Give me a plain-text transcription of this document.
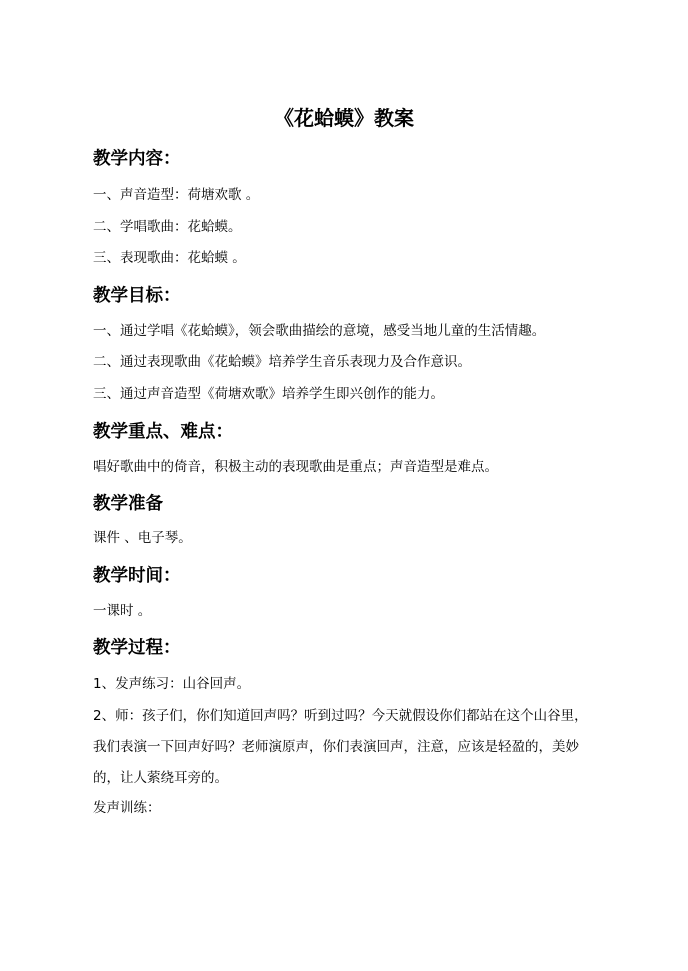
《花蛤蟆》教案
教学内容：
一、声音造型：荷塘欢歌 。
二、学唱歌曲：花蛤蟆。
三、表现歌曲：花蛤蟆 。
教学目标：
一、通过学唱《花蛤蟆》，领会歌曲描绘的意境，感受当地儿童的生活情趣。
二、通过表现歌曲《花蛤蟆》培养学生音乐表现力及合作意识。
三、通过声音造型《荷塘欢歌》培养学生即兴创作的能力。
教学重点、难点：
唱好歌曲中的倚音，积极主动的表现歌曲是重点；声音造型是难点。
教学准备
课件 、电子琴。
教学时间：
一课时 。
教学过程：
1、发声练习：山谷回声。
2、师：孩子们，你们知道回声吗？听到过吗？今天就假设你们都站在这个山谷里，
我们表演一下回声好吗？老师演原声，你们表演回声，注意，应该是轻盈的，美妙
的，让人萦绕耳旁的。
发声训练：
